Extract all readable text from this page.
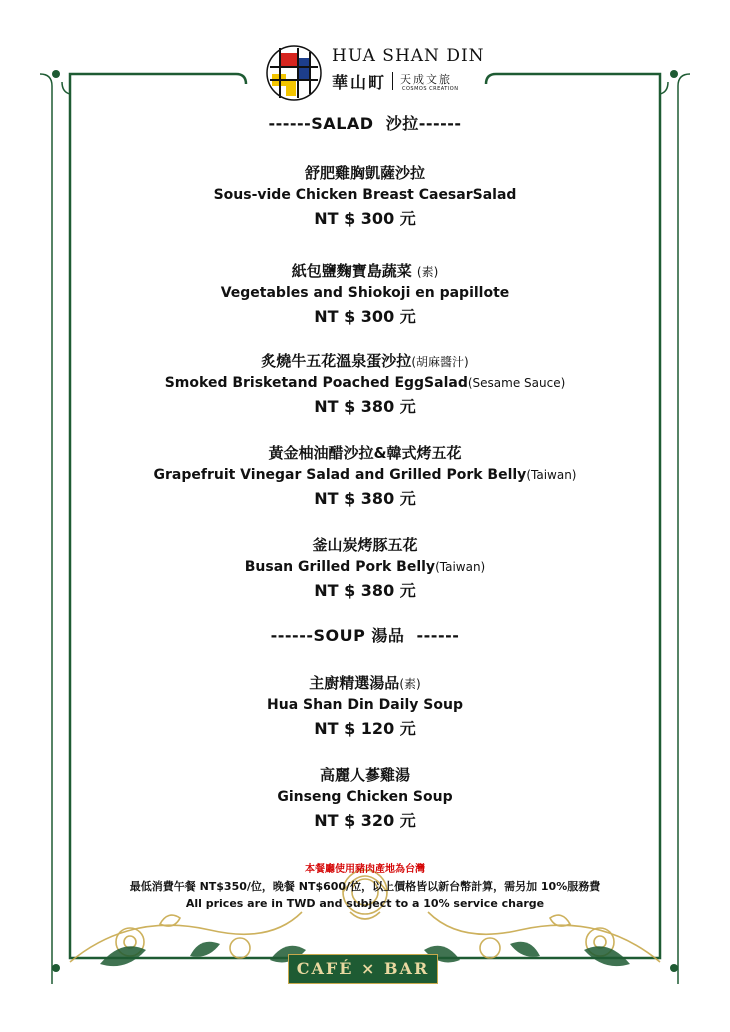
HUA SHAN DIN
華山町 天成文旅
COSMOS CREATION
------SALAD  沙拉------
舒肥雞胸凱薩沙拉
Sous-vide Chicken Breast CaesarSalad
NT $ 300 元
紙包鹽麴寶島蔬菜 (素)
Vegetables and Shiokoji en papillote
NT $ 300 元
炙燒牛五花溫泉蛋沙拉(胡麻醬汁)
Smoked Brisketand Poached EggSalad(Sesame Sauce)
NT $ 380 元
黃金柚油醋沙拉&韓式烤五花
Grapefruit Vinegar Salad and Grilled Pork Belly(Taiwan)
NT $ 380 元
釜山炭烤豚五花
Busan Grilled Pork Belly(Taiwan)
NT $ 380 元
------SOUP 湯品  ------
主廚精選湯品(素)
Hua Shan Din Daily Soup
NT $ 120 元
高麗人蔘雞湯
Ginseng Chicken Soup
NT $ 320 元
本餐廳使用豬肉產地為台灣
最低消費午餐 NT$350/位，晚餐 NT$600/位，以上價格皆以新台幣計算，需另加 10%服務費
All prices are in TWD and subject to a 10% service charge
CAFÉ × BAR
